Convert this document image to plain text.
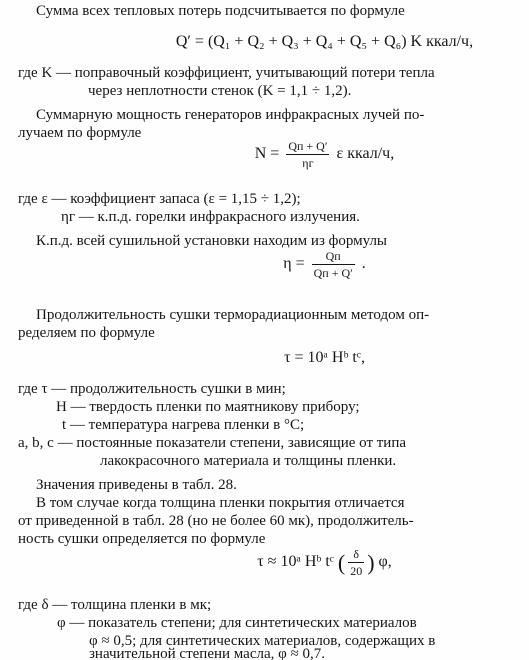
Сумма всех тепловых потерь подсчитывается по формуле
Q′ = (Q₁ + Q₂ + Q₃ + Q₄ + Q₅ + Q₆) K ккал/ч,
где K — поправочный коэффициент, учитывающий потери тепла
через неплотности стенок (K = 1,1 ÷ 1,2).
Суммарную мощность генераторов инфракрасных лучей по-
лучаем по формуле
$N = \frac{Qп + Q'}{\eta г}$ ε ккал/ч,
где ε — коэффициент запаса (ε = 1,15 ÷ 1,2);
ηг — к.п.д. горелки инфракрасного излучения.
К.п.д. всей сушильной установки находим из формулы
$\eta = \frac{Qп}{Qп + Q'}$ .
Продолжительность сушки терморадиационным методом оп-
ределяем по формуле
τ = 10ᵃ Hᵇ tᶜ,
где τ — продолжительность сушки в мин;
H — твердость пленки по маятникову прибору;
t — температура нагрева пленки в °C;
a, b, c — постоянные показатели степени, зависящие от типа
лакокрасочного материала и толщины пленки.
Значения приведены в табл. 28.
В том случае когда толщина пленки покрытия отличается
от приведенной в табл. 28 (но не более 60 мк), продолжитель-
ность сушки определяется по формуле
τ ≈ 10ᵃ Hᵇ tᶜ ( $\frac{\delta}{20}$ ) φ,
где δ — толщина пленки в мк;
φ — показатель степени; для синтетических материалов
φ ≈ 0,5; для синтетических материалов, содержащих в
значительной степени масла, φ ≈ 0,7.
